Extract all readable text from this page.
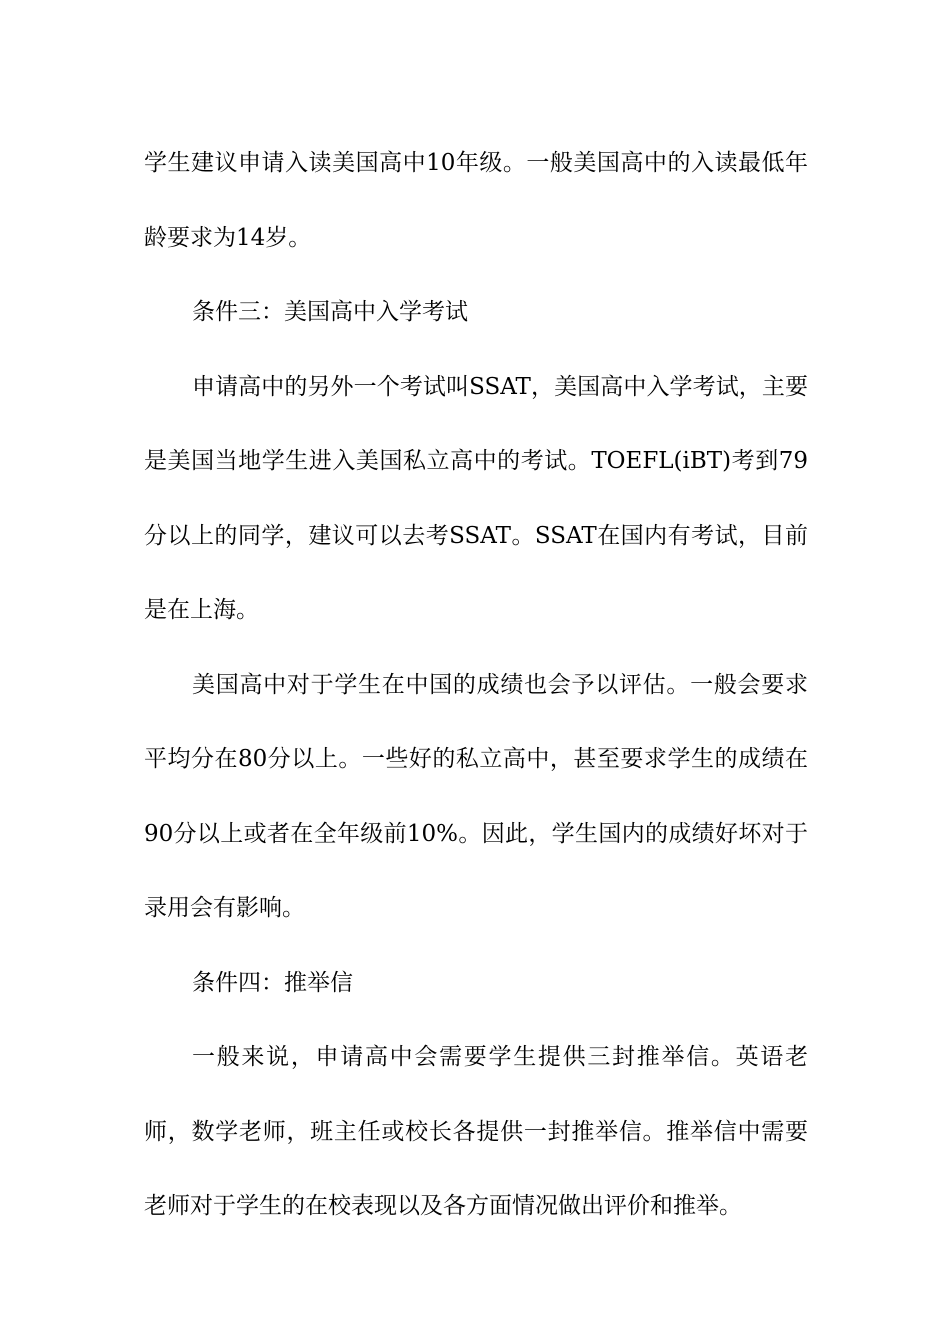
学生建议申请入读美国高中10年级。一般美国高中的入读最低年龄要求为14岁。

条件三：美国高中入学考试

申请高中的另外一个考试叫SSAT，美国高中入学考试，主要是美国当地学生进入美国私立高中的考试。TOEFL(iBT)考到79分以上的同学，建议可以去考SSAT。SSAT在国内有考试，目前是在上海。

美国高中对于学生在中国的成绩也会予以评估。一般会要求平均分在80分以上。一些好的私立高中，甚至要求学生的成绩在90分以上或者在全年级前10%。因此，学生国内的成绩好坏对于录用会有影响。

条件四：推举信

一般来说，申请高中会需要学生提供三封推举信。英语老师，数学老师，班主任或校长各提供一封推举信。推举信中需要老师对于学生的在校表现以及各方面情况做出评价和推举。
